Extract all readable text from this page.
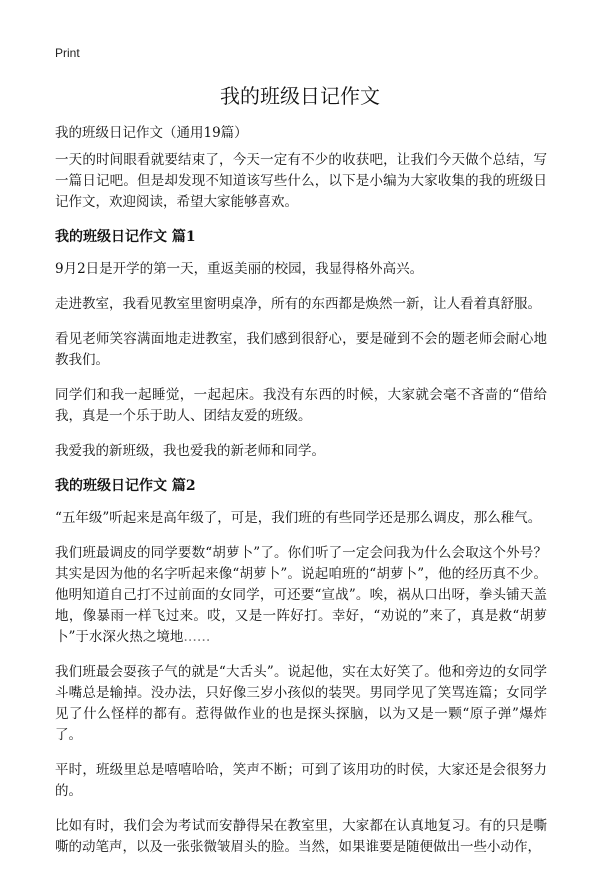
Print
我的班级日记作文

我的班级日记作文（通用19篇）

一天的时间眼看就要结束了，今天一定有不少的收获吧，让我们今天做个总结，写一篇日记吧。但是却发现不知道该写些什么，以下是小编为大家收集的我的班级日记作文，欢迎阅读，希望大家能够喜欢。

我的班级日记作文 篇1

9月2日是开学的第一天，重返美丽的校园，我显得格外高兴。

走进教室，我看见教室里窗明桌净，所有的东西都是焕然一新，让人看着真舒服。

看见老师笑容满面地走进教室，我们感到很舒心，要是碰到不会的题老师会耐心地教我们。

同学们和我一起睡觉，一起起床。我没有东西的时候，大家就会毫不吝啬的“借给我，真是一个乐于助人、团结友爱的班级。

我爱我的新班级，我也爱我的新老师和同学。

我的班级日记作文 篇2

“五年级”听起来是高年级了，可是，我们班的有些同学还是那么调皮，那么稚气。

我们班最调皮的同学要数“胡萝卜”了。你们听了一定会问我为什么会取这个外号？其实是因为他的名字听起来像“胡萝卜”。说起咱班的“胡萝卜”，他的经历真不少。他明知道自己打不过前面的女同学，可还要“宣战”。唉，祸从口出呀，拳头铺天盖地，像暴雨一样飞过来。哎，又是一阵好打。幸好，“劝说的”来了，真是救“胡萝卜”于水深火热之境地……

我们班最会耍孩子气的就是“大舌头”。说起他，实在太好笑了。他和旁边的女同学斗嘴总是输掉。没办法，只好像三岁小孩似的装哭。男同学见了笑骂连篇；女同学见了什么怪样的都有。惹得做作业的也是探头探脑，以为又是一颗“原子弹”爆炸了。

平时，班级里总是嘻嘻哈哈，笑声不断；可到了该用功的时侯，大家还是会很努力的。

比如有时，我们会为考试而安静得呆在教室里，大家都在认真地复习。有的只是嘶嘶的动笔声，以及一张张微皱眉头的脸。当然，如果谁要是随便做出一些小动作，
